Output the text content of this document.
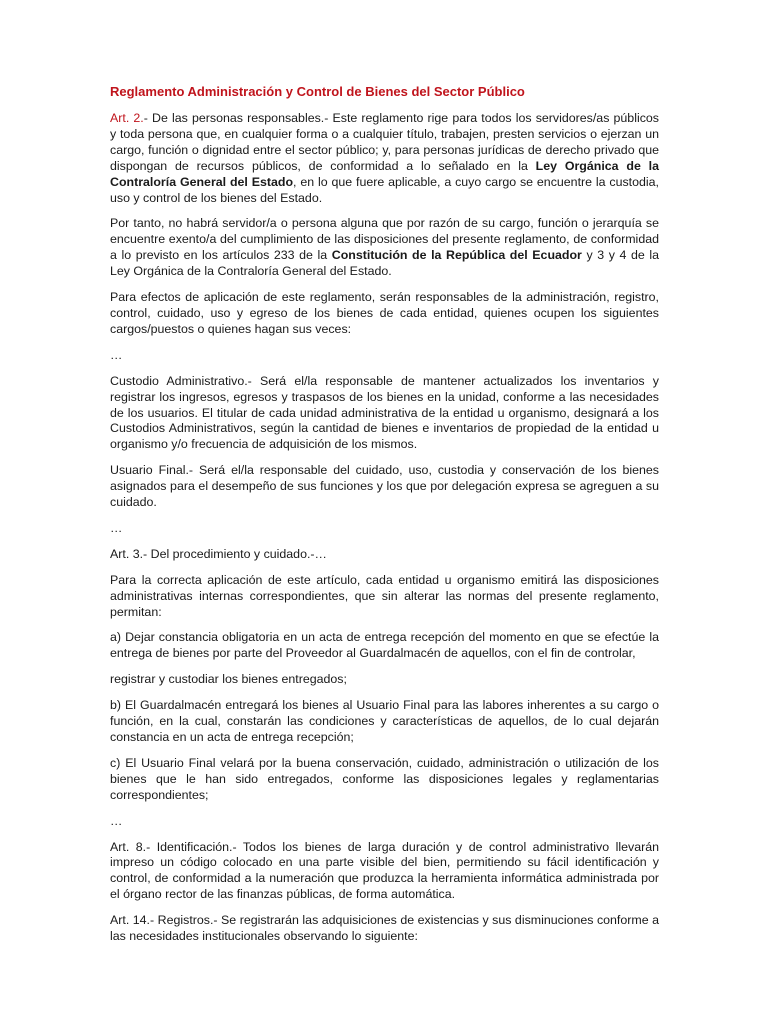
Reglamento Administración y Control de Bienes del Sector Público

Art. 2.- De las personas responsables.- Este reglamento rige para todos los servidores/as públicos y toda persona que, en cualquier forma o a cualquier título, trabajen, presten servicios o ejerzan un cargo, función o dignidad entre el sector público; y, para personas jurídicas de derecho privado que dispongan de recursos públicos, de conformidad a lo señalado en la Ley Orgánica de la Contraloría General del Estado, en lo que fuere aplicable, a cuyo cargo se encuentre la custodia, uso y control de los bienes del Estado.

Por tanto, no habrá servidor/a o persona alguna que por razón de su cargo, función o jerarquía se encuentre exento/a del cumplimiento de las disposiciones del presente reglamento, de conformidad a lo previsto en los artículos 233 de la Constitución de la República del Ecuador y 3 y 4 de la Ley Orgánica de la Contraloría General del Estado.

Para efectos de aplicación de este reglamento, serán responsables de la administración, registro, control, cuidado, uso y egreso de los bienes de cada entidad, quienes ocupen los siguientes cargos/puestos o quienes hagan sus veces:

…

Custodio Administrativo.- Será el/la responsable de mantener actualizados los inventarios y registrar los ingresos, egresos y traspasos de los bienes en la unidad, conforme a las necesidades de los usuarios. El titular de cada unidad administrativa de la entidad u organismo, designará a los Custodios Administrativos, según la cantidad de bienes e inventarios de propiedad de la entidad u organismo y/o frecuencia de adquisición de los mismos.

Usuario Final.- Será el/la responsable del cuidado, uso, custodia y conservación de los bienes asignados para el desempeño de sus funciones y los que por delegación expresa se agreguen a su cuidado.

…

Art. 3.- Del procedimiento y cuidado.-…

Para la correcta aplicación de este artículo, cada entidad u organismo emitirá las disposiciones administrativas internas correspondientes, que sin alterar las normas del presente reglamento, permitan:

a) Dejar constancia obligatoria en un acta de entrega recepción del momento en que se efectúe la entrega de bienes por parte del Proveedor al Guardalmacén de aquellos, con el fin de controlar,

registrar y custodiar los bienes entregados;

b) El Guardalmacén entregará los bienes al Usuario Final para las labores inherentes a su cargo o función, en la cual, constarán las condiciones y características de aquellos, de lo cual dejarán constancia en un acta de entrega recepción;

c) El Usuario Final velará por la buena conservación, cuidado, administración o utilización de los bienes que le han sido entregados, conforme las disposiciones legales y reglamentarias correspondientes;

…

Art. 8.- Identificación.- Todos los bienes de larga duración y de control administrativo llevarán impreso un código colocado en una parte visible del bien, permitiendo su fácil identificación y control, de conformidad a la numeración que produzca la herramienta informática administrada por el órgano rector de las finanzas públicas, de forma automática.

Art. 14.- Registros.- Se registrarán las adquisiciones de existencias y sus disminuciones conforme a las necesidades institucionales observando lo siguiente:
